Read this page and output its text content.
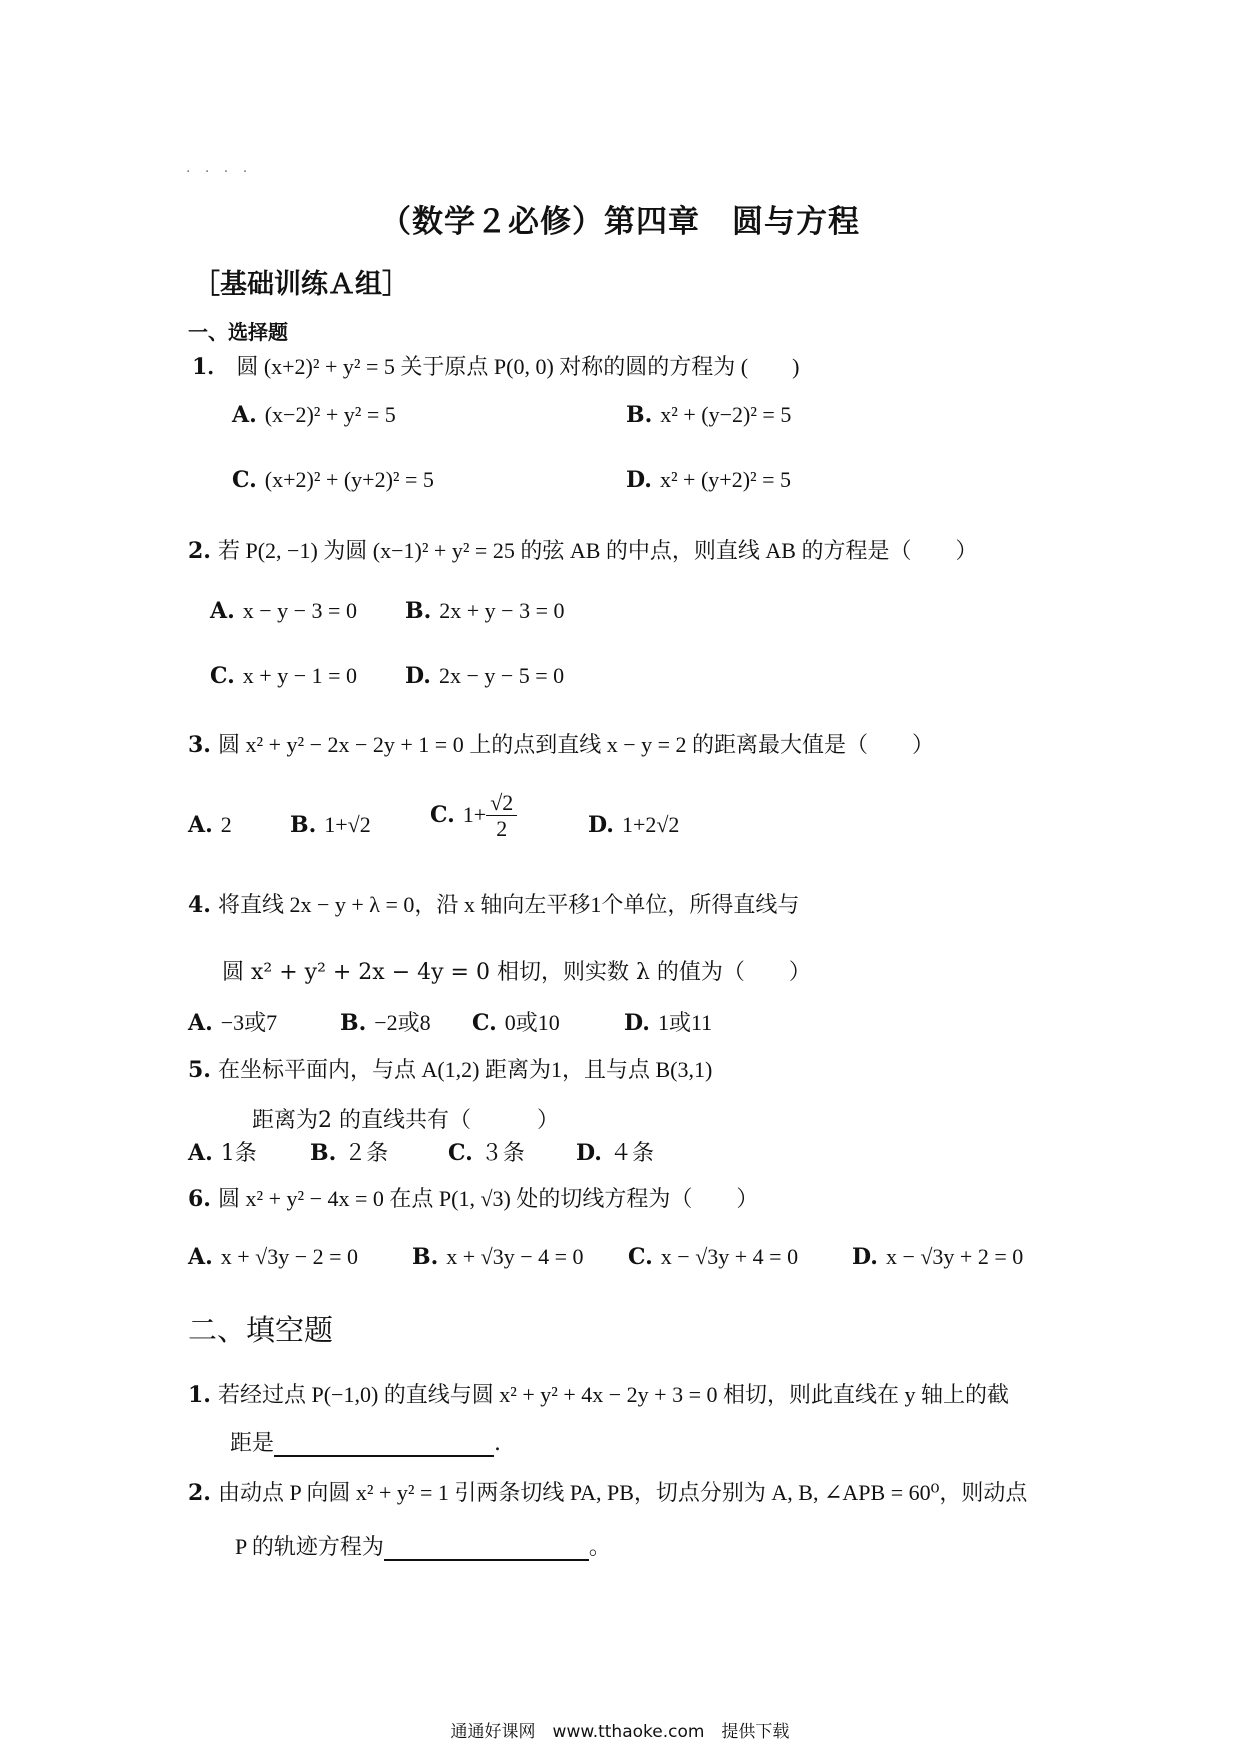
. . . .
（数学２必修）第四章　圆与方程
［基础训练Ａ组］
一、选择题
1． 圆 (x+2)² + y² = 5 关于原点 P(0, 0) 对称的圆的方程为 (　　)
A. (x−2)² + y² = 5	B. x² + (y−2)² = 5
C. (x+2)² + (y+2)² = 5	D. x² + (y+2)² = 5
2. 若 P(2, −1) 为圆 (x−1)² + y² = 25 的弦 AB 的中点，则直线 AB 的方程是（　　）
A. x − y − 3 = 0 B. 2x + y − 3 = 0
C. x + y − 1 = 0 D. 2x − y − 5 = 0
3. 圆 x² + y² − 2x − 2y + 1 = 0 上的点到直线 x − y = 2 的距离最大值是（　　）
A. 2	B. 1+√2	C. $1+ \frac{√2}{2}$	D. 1+2√2
4. 将直线 2x − y + λ = 0，沿 x 轴向左平移1个单位，所得直线与
圆 x² + y² + 2x − 4y = 0 相切，则实数 λ 的值为（　　）
A. −3或7	B. −2或8 C. 0或10	D. 1或11
5. 在坐标平面内，与点 A(1,2) 距离为1，且与点 B(3,1)
距离为2 的直线共有（　　　）
A. 1条 B. ２条	C. ３条 D. ４条
6. 圆 x² + y² − 4x = 0 在点 P(1, √3) 处的切线方程为（　　）
A. x + √3y − 2 = 0 B. x + √3y − 4 = 0 C. x − √3y + 4 = 0 D. x − √3y + 2 = 0
二、填空题
1. 若经过点 P(−1,0) 的直线与圆 x² + y² + 4x − 2y + 3 = 0 相切，则此直线在 y 轴上的截
距是	.
2. 由动点 P 向圆 x² + y² = 1 引两条切线 PA, PB，切点分别为 A, B, ∠APB = 60⁰，则动点
P 的轨迹方程为	。
通通好课网　www.tthaoke.com　提供下载
